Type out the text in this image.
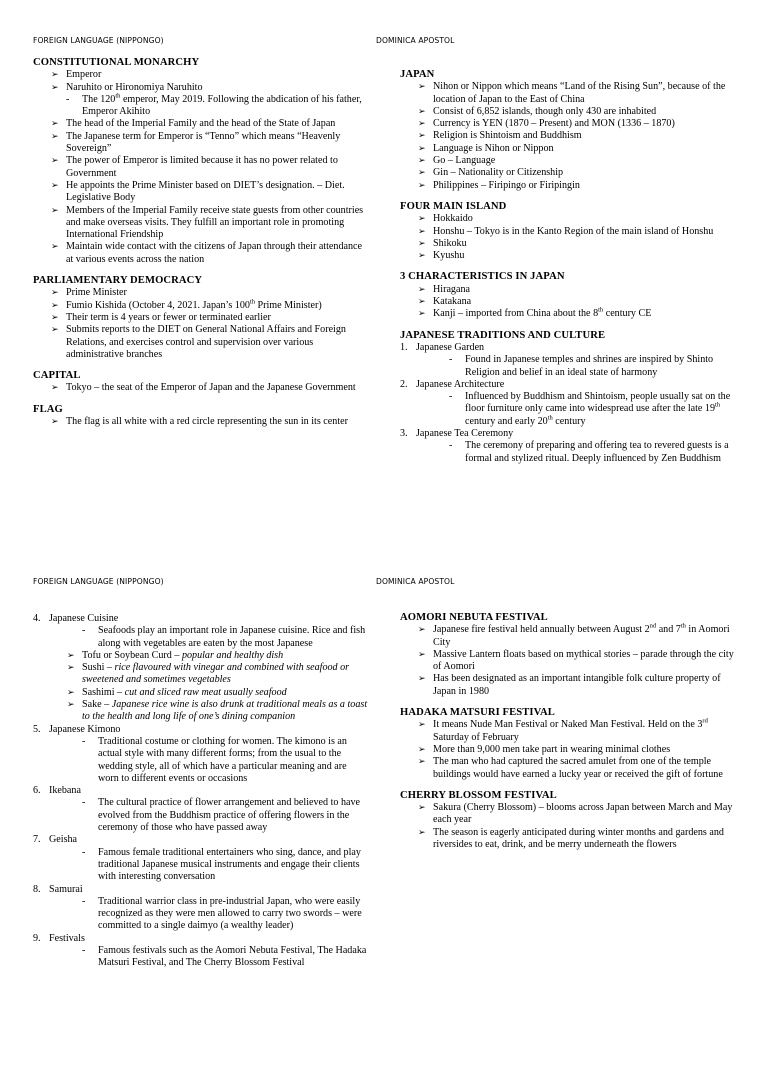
FOREIGN LANGUAGE (NIPPONGO)	DOMINICA APOSTOL

CONSTITUTIONAL MONARCHY

➢ Emperor
➢ Naruhito or Hironomiya Naruhito
- The 120th emperor, May 2019. Following the abdication of his father, Emperor Akihito
➢ The head of the Imperial Family and the head of the State of Japan
➢ The Japanese term for Emperor is “Tenno” which means “Heavenly Sovereign”
➢ The power of Emperor is limited because it has no power related to Government
➢ He appoints the Prime Minister based on DIET’s designation. – Diet. Legislative Body
➢ Members of the Imperial Family receive state guests from other countries and make overseas visits. They fulfill an important role in promoting International Friendship
➢ Maintain wide contact with the citizens of Japan through their attendance at various events across the nation

PARLIAMENTARY DEMOCRACY

➢ Prime Minister
➢ Fumio Kishida (October 4, 2021. Japan’s 100th Prime Minister)
➢ Their term is 4 years or fewer or terminated earlier
➢ Submits reports to the DIET on General National Affairs and Foreign Relations, and exercises control and supervision over various administrative branches

CAPITAL

➢ Tokyo – the seat of the Emperor of Japan and the Japanese Government

FLAG

➢ The flag is all white with a red circle representing the sun in its center

JAPAN

➢ Nihon or Nippon which means “Land of the Rising Sun”, because of the location of Japan to the East of China
➢ Consist of 6,852 islands, though only 430 are inhabited
➢ Currency is YEN (1870 – Present) and MON (1336 – 1870)
➢ Religion is Shintoism and Buddhism
➢ Language is Nihon or Nippon
➢ Go – Language
➢ Gin – Nationality or Citizenship
➢ Philippines – Firipingo or Firipingin

FOUR MAIN ISLAND

➢ Hokkaido
➢ Honshu – Tokyo is in the Kanto Region of the main island of Honshu
➢ Shikoku
➢ Kyushu

3 CHARACTERISTICS IN JAPAN

➢ Hiragana
➢ Katakana
➢ Kanji – imported from China about the 8th century CE

JAPANESE TRADITIONS AND CULTURE

1. Japanese Garden
- Found in Japanese temples and shrines are inspired by Shinto Religion and belief in an ideal state of harmony
2. Japanese Architecture
- Influenced by Buddhism and Shintoism, people usually sat on the floor furniture only came into widespread use after the late 19th century and early 20th century
3. Japanese Tea Ceremony
- The ceremony of preparing and offering tea to revered guests is a formal and stylized ritual. Deeply influenced by Zen Buddhism
FOREIGN LANGUAGE (NIPPONGO)	DOMINICA APOSTOL
4. Japanese Cuisine
- Seafoods play an important role in Japanese cuisine. Rice and fish along with vegetables are eaten by the most Japanese
➢ Tofu or Soybean Curd – popular and healthy dish
➢ Sushi – rice flavoured with vinegar and combined with seafood or sweetened and sometimes vegetables
➢ Sashimi – cut and sliced raw meat usually seafood
➢ Sake – Japanese rice wine is also drunk at traditional meals as a toast to the health and long life of one’s dining companion
5. Japanese Kimono
- Traditional costume or clothing for women. The kimono is an actual style with many different forms; from the usual to the wedding style, all of which have a particular meaning and are worn to different events or occasions
6. Ikebana
- The cultural practice of flower arrangement and believed to have evolved from the Buddhism practice of offering flowers in the ceremony of those who have passed away
7. Geisha
- Famous female traditional entertainers who sing, dance, and play traditional Japanese musical instruments and engage their clients with interesting conversation
8. Samurai
- Traditional warrior class in pre-industrial Japan, who were easily recognized as they were men allowed to carry two swords – were committed to a single daimyo (a wealthy leader)
9. Festivals
- Famous festivals such as the Aomori Nebuta Festival, The Hadaka Matsuri Festival, and The Cherry Blossom Festival

AOMORI NEBUTA FESTIVAL

➢ Japanese fire festival held annually between August 2nd and 7th in Aomori City
➢ Massive Lantern floats based on mythical stories – parade through the city of Aomori
➢ Has been designated as an important intangible folk culture property of Japan in 1980

HADAKA MATSURI FESTIVAL

➢ It means Nude Man Festival or Naked Man Festival. Held on the 3rd Saturday of February
➢ More than 9,000 men take part in wearing minimal clothes
➢ The man who had captured the sacred amulet from one of the temple buildings would have earned a lucky year or received the gift of fortune

CHERRY BLOSSOM FESTIVAL

➢ Sakura (Cherry Blossom) – blooms across Japan between March and May each year
➢ The season is eagerly anticipated during winter months and gardens and riversides to eat, drink, and be merry underneath the flowers
